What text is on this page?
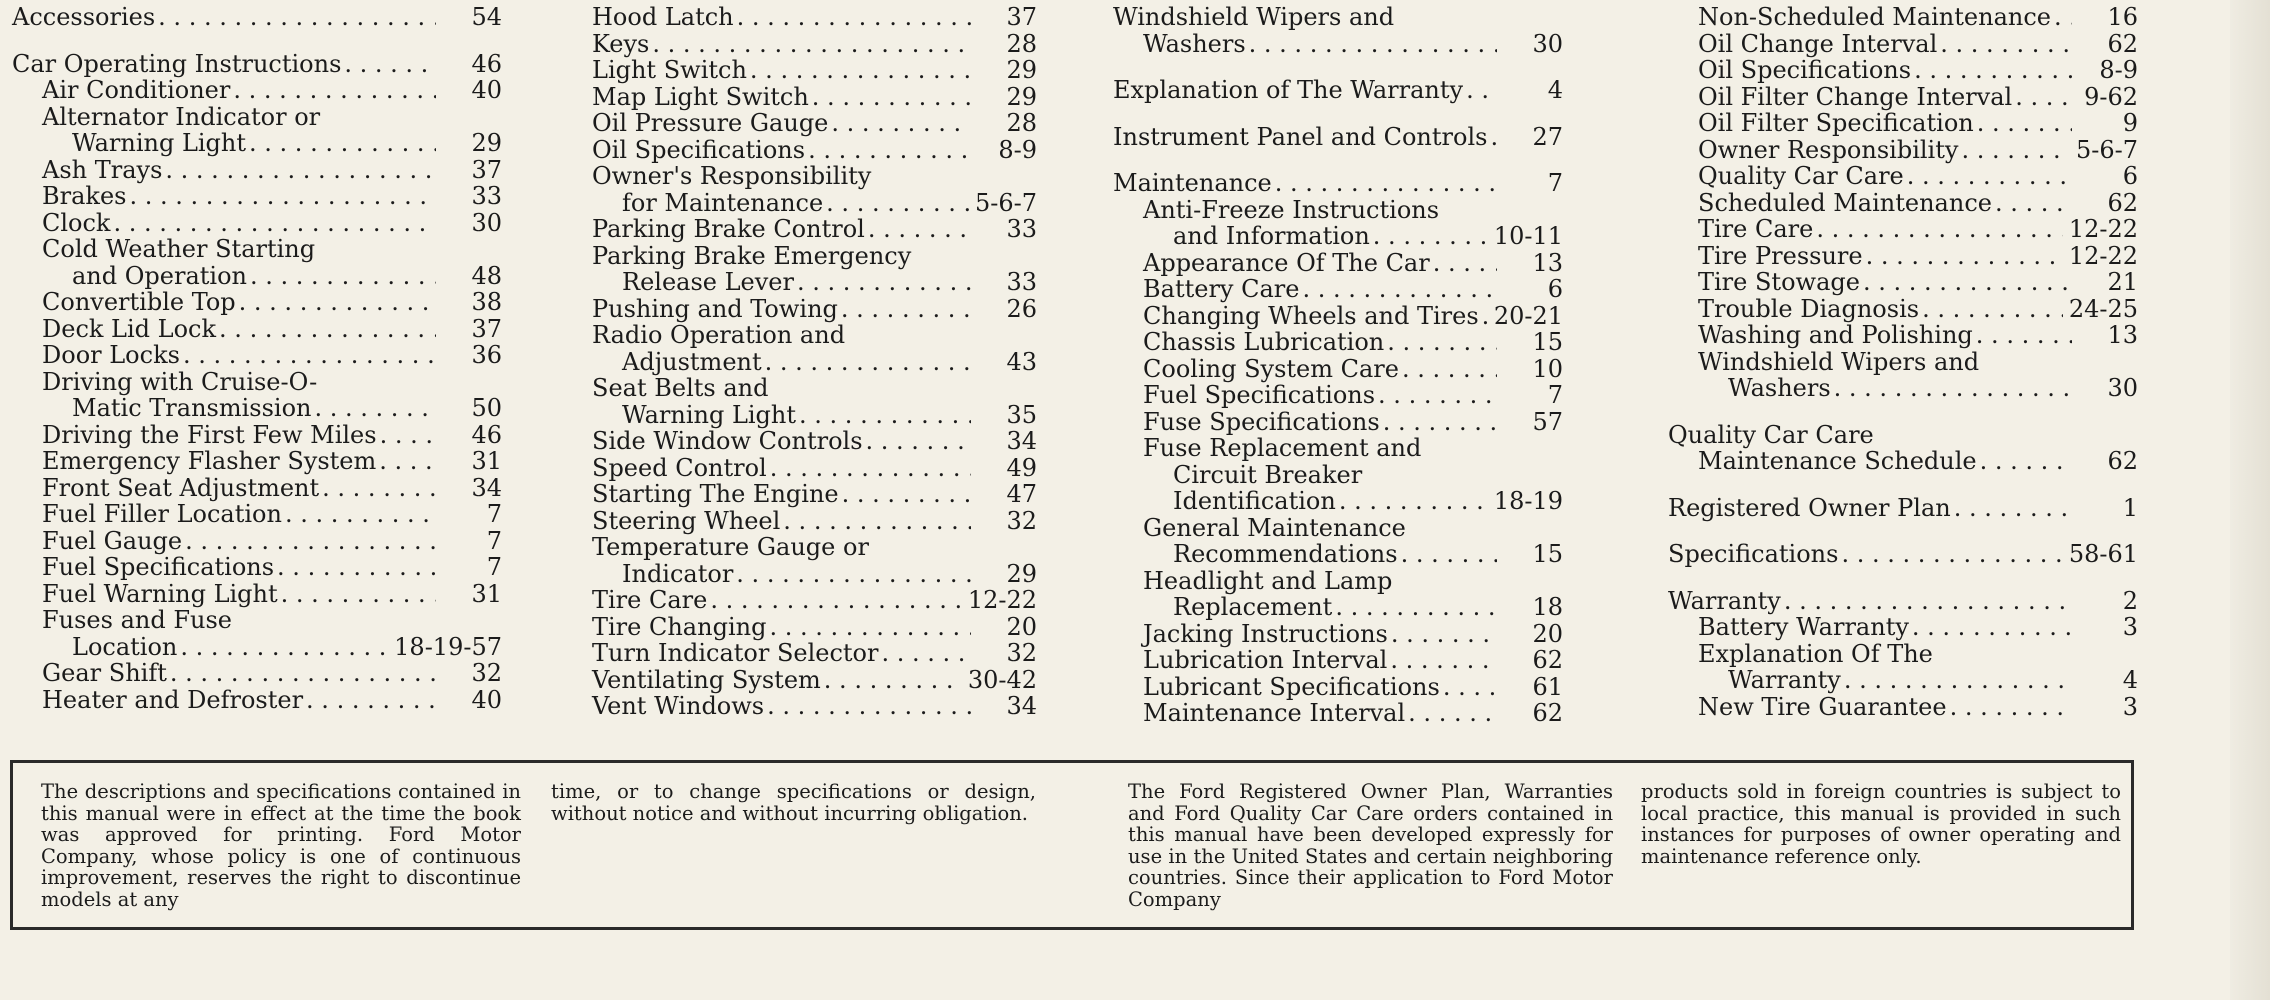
Accessories . . .	54
Car Operating Instructions . . .	46
Air Conditioner . . .	40
Alternator Indicator or
Warning Light . . .	29
Ash Trays . . .	37
Brakes . . .	33
Clock . . .	30
Cold Weather Starting
and Operation . . .	48
Convertible Top . . .	38
Deck Lid Lock . . .	37
Door Locks . . .	36
Driving with Cruise-O-
Matic Transmission . . .	50
Driving the First Few Miles . . .	46
Emergency Flasher System . . .	31
Front Seat Adjustment . . .	34
Fuel Filler Location . . .	7
Fuel Gauge . . .	7
Fuel Specifications . . .	7
Fuel Warning Light . . .	31
Fuses and Fuse
Location . . .	18-19-57
Gear Shift . . .	32
Heater and Defroster . . .	40
Hood Latch . . .	37
Keys . . .	28
Light Switch . . .	29
Map Light Switch . . .	29
Oil Pressure Gauge . . .	28
Oil Specifications . . .	8-9
Owner's Responsibility
for Maintenance . . .	5-6-7
Parking Brake Control . . .	33
Parking Brake Emergency
Release Lever . . .	33
Pushing and Towing . . .	26
Radio Operation and
Adjustment . . .	43
Seat Belts and
Warning Light . . .	35
Side Window Controls . . .	34
Speed Control . . .	49
Starting The Engine . . .	47
Steering Wheel . . .	32
Temperature Gauge or
Indicator . . .	29
Tire Care . . .	12-22
Tire Changing . . .	20
Turn Indicator Selector . . .	32
Ventilating System . . .	30-42
Vent Windows . . .	34
Windshield Wipers and
Washers . . .	30
Explanation of The Warranty . . .	4
Instrument Panel and Controls . . .	27
Maintenance . . .	7
Anti-Freeze Instructions
and Information . . .	10-11
Appearance Of The Car . . .	13
Battery Care . . .	6
Changing Wheels and Tires . . . 20-21
Chassis Lubrication . . .	15
Cooling System Care . . .	10
Fuel Specifications . . .	7
Fuse Specifications . . .	57
Fuse Replacement and
Circuit Breaker
Identification . . .	18-19
General Maintenance
Recommendations . . .	15
Headlight and Lamp
Replacement . . .	18
Jacking Instructions . . .	20
Lubrication Interval . . .	62
Lubricant Specifications . . .	61
Maintenance Interval . . .	62
Non-Scheduled Maintenance . . .	16
Oil Change Interval . . .	62
Oil Specifications . . .	8-9
Oil Filter Change Interval . . .	9-62
Oil Filter Specification . . .	9
Owner Responsibility . . .	5-6-7
Quality Car Care . . .	6
Scheduled Maintenance . . .	62
Tire Care . . .	12-22
Tire Pressure . . .	12-22
Tire Stowage . . .	21
Trouble Diagnosis . . .	24-25
Washing and Polishing . . .	13
Windshield Wipers and
Washers . . .	30
Quality Car Care
Maintenance Schedule . . .	62
Registered Owner Plan . . .	1
Specifications . . .	58-61
Warranty . . .	2
Battery Warranty . . .	3
Explanation Of The
Warranty . . .	4
New Tire Guarantee . . .	3
The descriptions and specifications contained in this manual were in effect at the time the book was approved for printing. Ford Motor Company, whose policy is one of continuous improvement, reserves the right to discontinue models at any
time, or to change specifications or design, without notice and without incurring obligation.
The Ford Registered Owner Plan, Warranties and Ford Quality Car Care orders contained in this manual have been developed expressly for use in the United States and certain neighboring countries. Since their application to Ford Motor Company
products sold in foreign countries is subject to local practice, this manual is provided in such instances for purposes of owner operating and maintenance reference only.
